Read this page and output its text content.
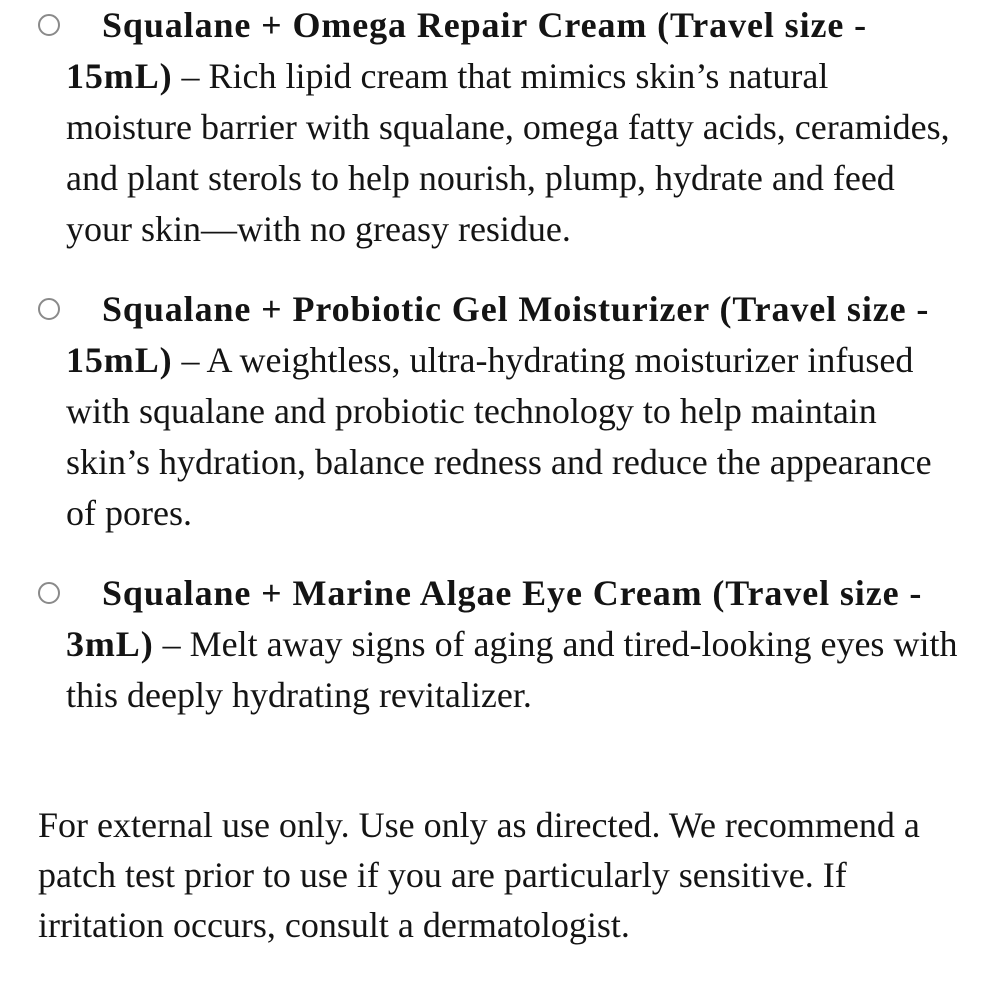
Squalane + Omega Repair Cream (Travel size - 15mL) – Rich lipid cream that mimics skin’s natural moisture barrier with squalane, omega fatty acids, ceramides, and plant sterols to help nourish, plump, hydrate and feed your skin—with no greasy residue.
Squalane + Probiotic Gel Moisturizer (Travel size - 15mL) – A weightless, ultra-hydrating moisturizer infused with squalane and probiotic technology to help maintain skin’s hydration, balance redness and reduce the appearance of pores.
Squalane + Marine Algae Eye Cream (Travel size - 3mL) – Melt away signs of aging and tired-looking eyes with this deeply hydrating revitalizer.

For external use only. Use only as directed. We recommend a patch test prior to use if you are particularly sensitive. If irritation occurs, consult a dermatologist.
